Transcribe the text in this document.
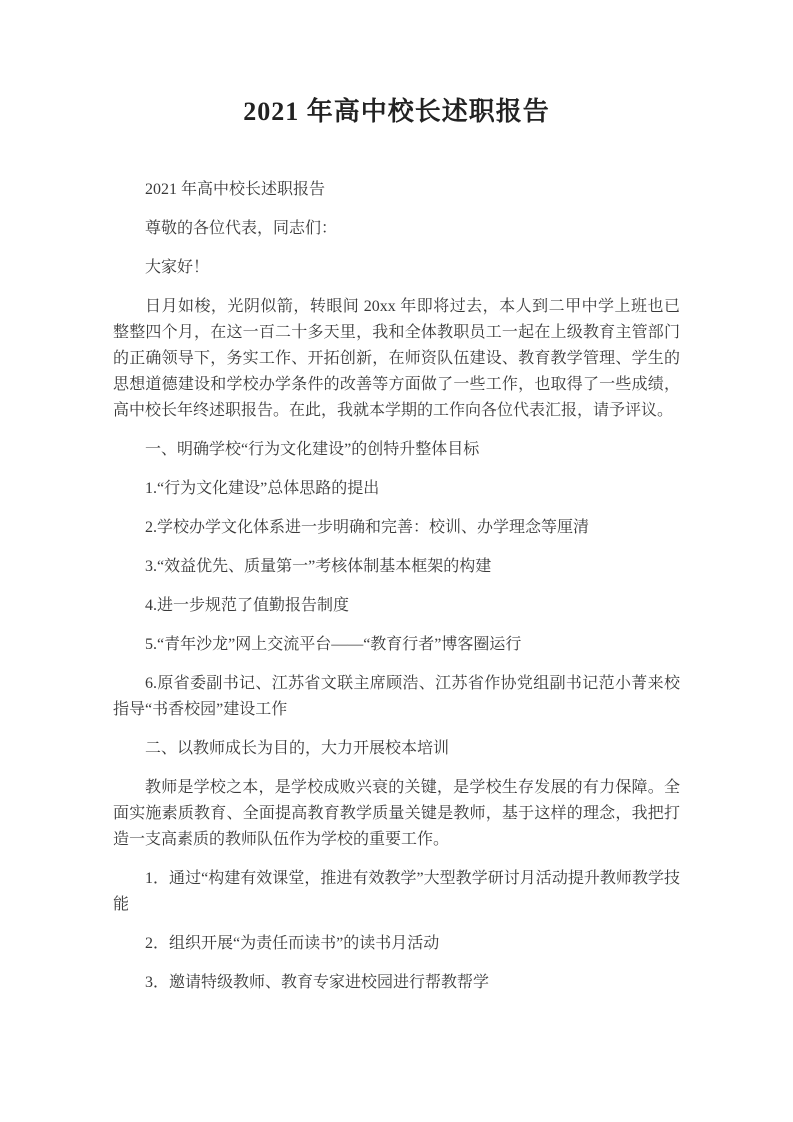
2021 年高中校长述职报告

2021 年高中校长述职报告

尊敬的各位代表，同志们：

大家好！

日月如梭，光阴似箭，转眼间 20xx 年即将过去，本人到二甲中学上班也已整整四个月，在这一百二十多天里，我和全体教职员工一起在上级教育主管部门的正确领导下，务实工作、开拓创新，在师资队伍建设、教育教学管理、学生的思想道德建设和学校办学条件的改善等方面做了一些工作，也取得了一些成绩，高中校长年终述职报告。在此，我就本学期的工作向各位代表汇报，请予评议。

一、明确学校“行为文化建设”的创特升整体目标

1.“行为文化建设”总体思路的提出

2.学校办学文化体系进一步明确和完善：校训、办学理念等厘清

3.“效益优先、质量第一”考核体制基本框架的构建

4.进一步规范了值勤报告制度

5.“青年沙龙”网上交流平台——“教育行者”博客圈运行

6.原省委副书记、江苏省文联主席顾浩、江苏省作协党组副书记范小菁来校指导“书香校园”建设工作

二、以教师成长为目的，大力开展校本培训

教师是学校之本，是学校成败兴衰的关键，是学校生存发展的有力保障。全面实施素质教育、全面提高教育教学质量关键是教师，基于这样的理念，我把打造一支高素质的教师队伍作为学校的重要工作。

1．通过“构建有效课堂，推进有效教学”大型教学研讨月活动提升教师教学技能

2．组织开展“为责任而读书”的读书月活动

3．邀请特级教师、教育专家进校园进行帮教帮学
